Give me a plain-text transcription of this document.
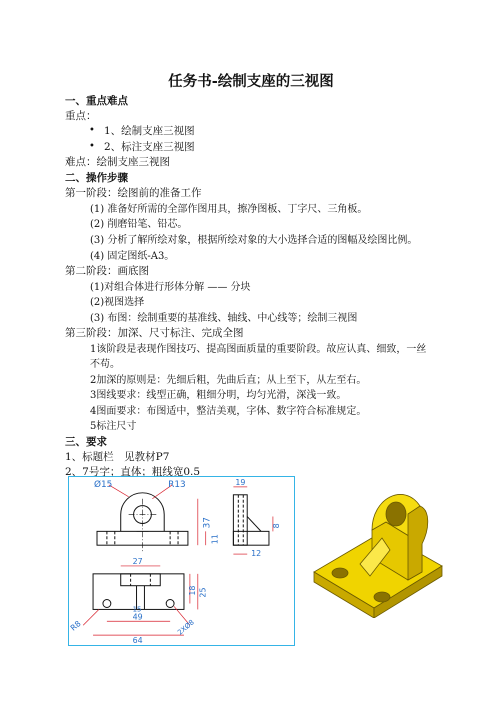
任务书-绘制支座的三视图
一、重点难点
重点：
• 1、绘制支座三视图
• 2、标注支座三视图
难点：绘制支座三视图
二、操作步骤
第一阶段：绘图前的准备工作
(1) 准备好所需的全部作图用具，擦净图板、丁字尺、三角板。
(2) 削磨铅笔、铅芯。
(3) 分析了解所绘对象，根据所绘对象的大小选择合适的图幅及绘图比例。
(4) 固定图纸-A3。
第二阶段：画底图
(1)对组合体进行形体分解 —— 分块
(2)视图选择
(3) 布图：绘制重要的基准线、轴线、中心线等；绘制三视图
第三阶段：加深、尺寸标注、完成全图
1该阶段是表现作图技巧、提高图面质量的重要阶段。故应认真、细致，一丝
不苟。
2加深的原则是：先细后粗，先曲后直；从上至下，从左至右。
3图线要求：线型正确，粗细分明，均匀光滑，深浅一致。
4图面要求：布图适中，整洁美观，字体、数字符合标准规定。
5标注尺寸
三、要求
1、标题栏　见教材P7
2、7号字；直体；粗线宽0.5
Ø15	R13
37
11
19
8
12
27
18 25
49
64
R8	2XØ8
15
